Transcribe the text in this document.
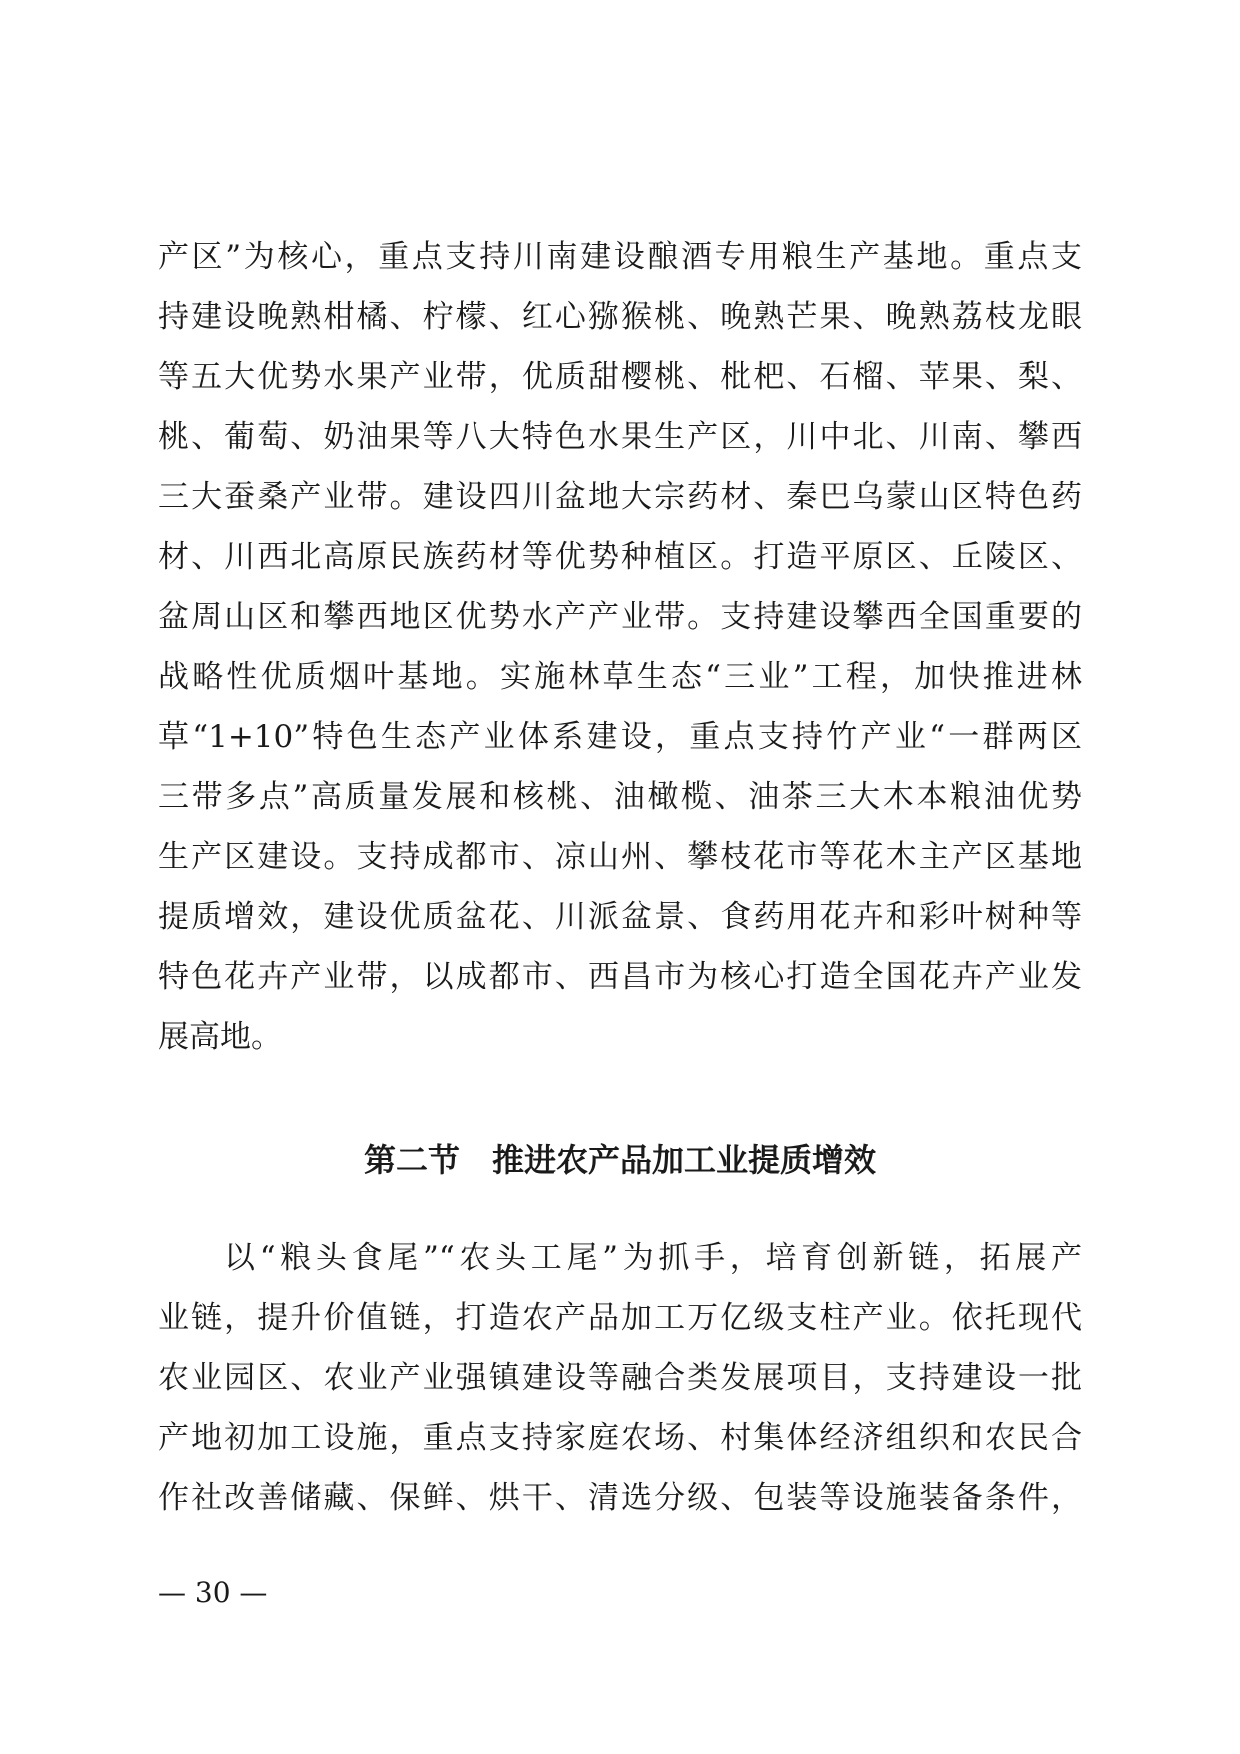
产区”为核心，重点支持川南建设酿酒专用粮生产基地。重点支
持建设晚熟柑橘、柠檬、红心猕猴桃、晚熟芒果、晚熟荔枝龙眼
等五大优势水果产业带，优质甜樱桃、枇杷、石榴、苹果、梨、
桃、葡萄、奶油果等八大特色水果生产区，川中北、川南、攀西
三大蚕桑产业带。建设四川盆地大宗药材、秦巴乌蒙山区特色药
材、川西北高原民族药材等优势种植区。打造平原区、丘陵区、
盆周山区和攀西地区优势水产产业带。支持建设攀西全国重要的
战略性优质烟叶基地。实施林草生态“三业”工程，加快推进林
草“1+10”特色生态产业体系建设，重点支持竹产业“一群两区
三带多点”高质量发展和核桃、油橄榄、油茶三大木本粮油优势
生产区建设。支持成都市、凉山州、攀枝花市等花木主产区基地
提质增效，建设优质盆花、川派盆景、食药用花卉和彩叶树种等
特色花卉产业带，以成都市、西昌市为核心打造全国花卉产业发
展高地。
第二节　推进农产品加工业提质增效
以“粮头食尾”“农头工尾”为抓手，培育创新链，拓展产
业链，提升价值链，打造农产品加工万亿级支柱产业。依托现代
农业园区、农业产业强镇建设等融合类发展项目，支持建设一批
产地初加工设施，重点支持家庭农场、村集体经济组织和农民合
作社改善储藏、保鲜、烘干、清选分级、包装等设施装备条件，
— 30 —
